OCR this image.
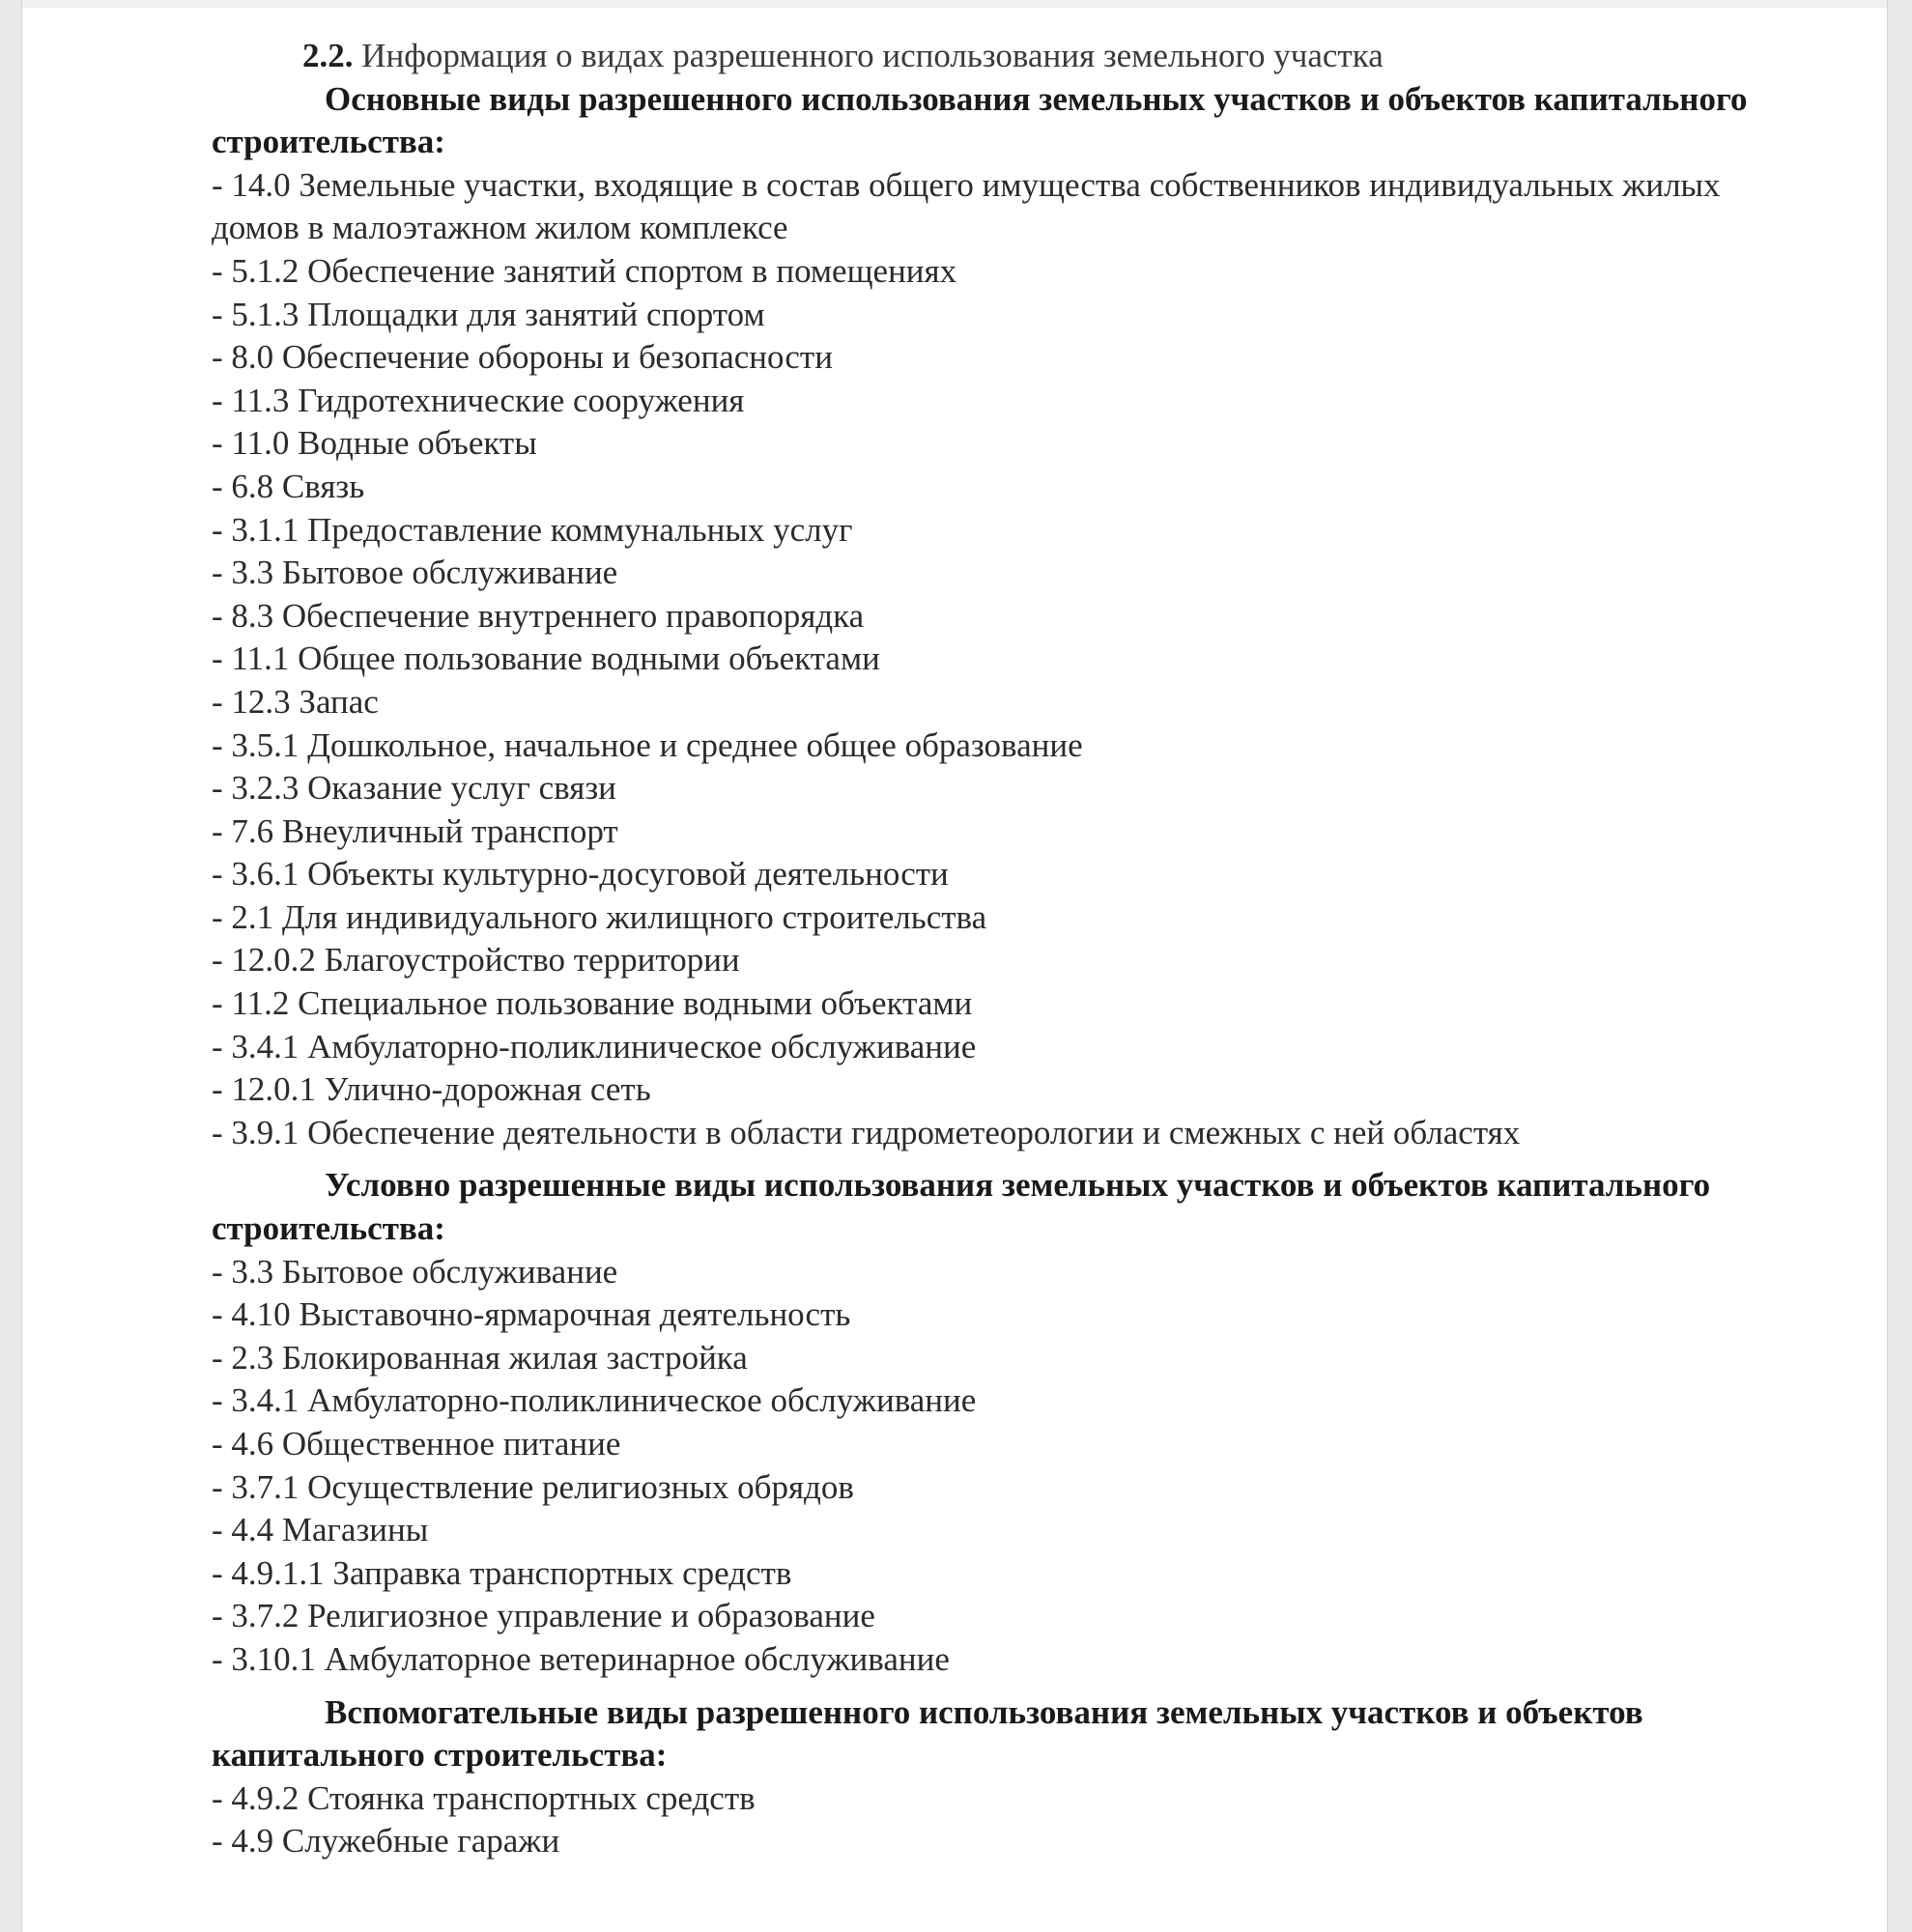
2.2. Информация о видах разрешенного использования земельного участка
Основные виды разрешенного использования земельных участков и объектов капитального строительства:
- 14.0 Земельные участки, входящие в состав общего имущества собственников индивидуальных жилых домов в малоэтажном жилом комплексе
- 5.1.2 Обеспечение занятий спортом в помещениях
- 5.1.3 Площадки для занятий спортом
- 8.0 Обеспечение обороны и безопасности
- 11.3 Гидротехнические сооружения
- 11.0 Водные объекты
- 6.8 Связь
- 3.1.1 Предоставление коммунальных услуг
- 3.3 Бытовое обслуживание
- 8.3 Обеспечение внутреннего правопорядка
- 11.1 Общее пользование водными объектами
- 12.3 Запас
- 3.5.1 Дошкольное, начальное и среднее общее образование
- 3.2.3 Оказание услуг связи
- 7.6 Внеуличный транспорт
- 3.6.1 Объекты культурно-досуговой деятельности
- 2.1 Для индивидуального жилищного строительства
- 12.0.2 Благоустройство территории
- 11.2 Специальное пользование водными объектами
- 3.4.1 Амбулаторно-поликлиническое обслуживание
- 12.0.1 Улично-дорожная сеть
- 3.9.1 Обеспечение деятельности в области гидрометеорологии и смежных с ней областях
Условно разрешенные виды использования земельных участков и объектов капитального строительства:
- 3.3 Бытовое обслуживание
- 4.10 Выставочно-ярмарочная деятельность
- 2.3 Блокированная жилая застройка
- 3.4.1 Амбулаторно-поликлиническое обслуживание
- 4.6 Общественное питание
- 3.7.1 Осуществление религиозных обрядов
- 4.4 Магазины
- 4.9.1.1 Заправка транспортных средств
- 3.7.2 Религиозное управление и образование
- 3.10.1 Амбулаторное ветеринарное обслуживание
Вспомогательные виды разрешенного использования земельных участков и объектов капитального строительства:
- 4.9.2 Стоянка транспортных средств
- 4.9 Служебные гаражи
